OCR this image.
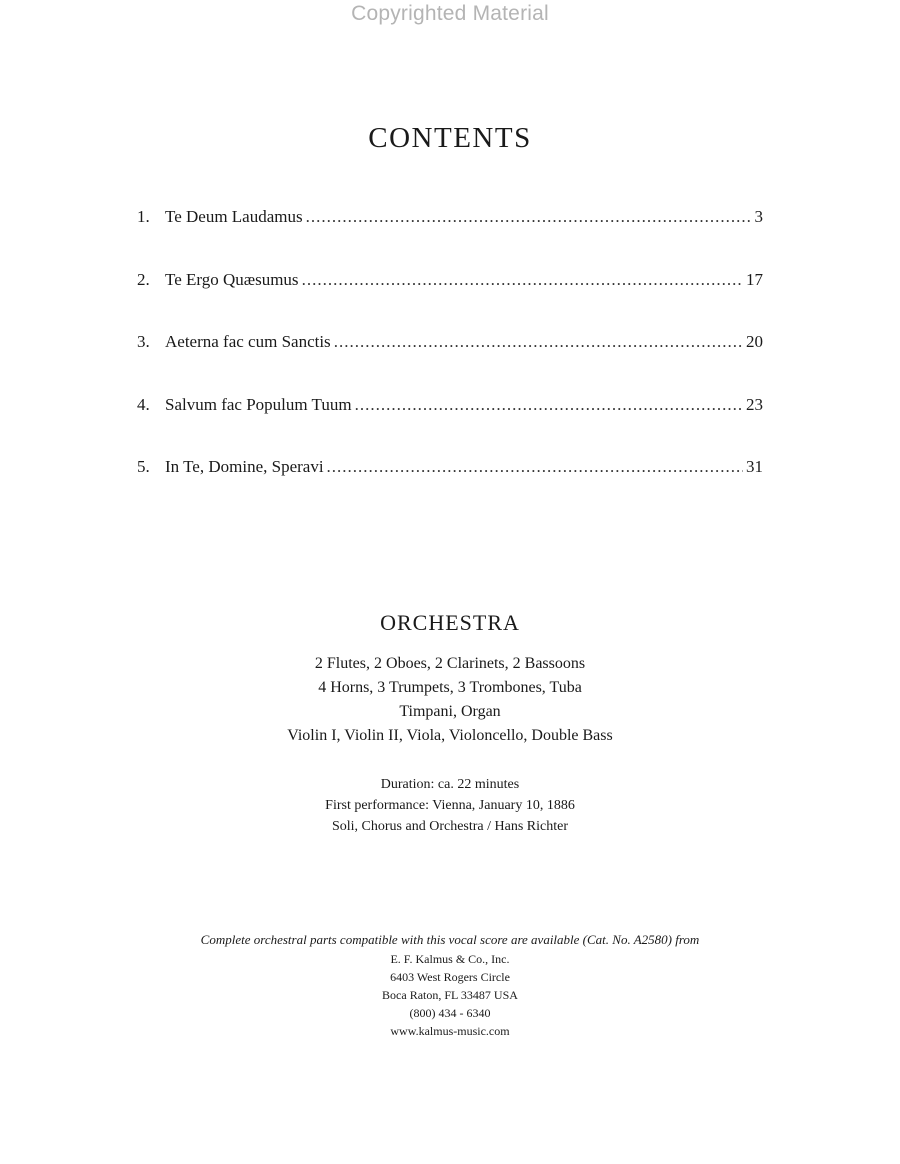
Copyrighted Material
CONTENTS
1. Te Deum Laudamus .....	3
2. Te Ergo Quæsumus .....	17
3. Aeterna fac cum Sanctis .....	20
4. Salvum fac Populum Tuum .....	23
5. In Te, Domine, Speravi .....	31
ORCHESTRA
2 Flutes, 2 Oboes, 2 Clarinets, 2 Bassoons
4 Horns, 3 Trumpets, 3 Trombones, Tuba
Timpani, Organ
Violin I, Violin II, Viola, Violoncello, Double Bass
Duration: ca. 22 minutes
First performance: Vienna, January 10, 1886
Soli, Chorus and Orchestra / Hans Richter
Complete orchestral parts compatible with this vocal score are available (Cat. No. A2580) from
E. F. Kalmus & Co., Inc.
6403 West Rogers Circle
Boca Raton, FL 33487 USA
(800) 434 - 6340
www.kalmus-music.com
